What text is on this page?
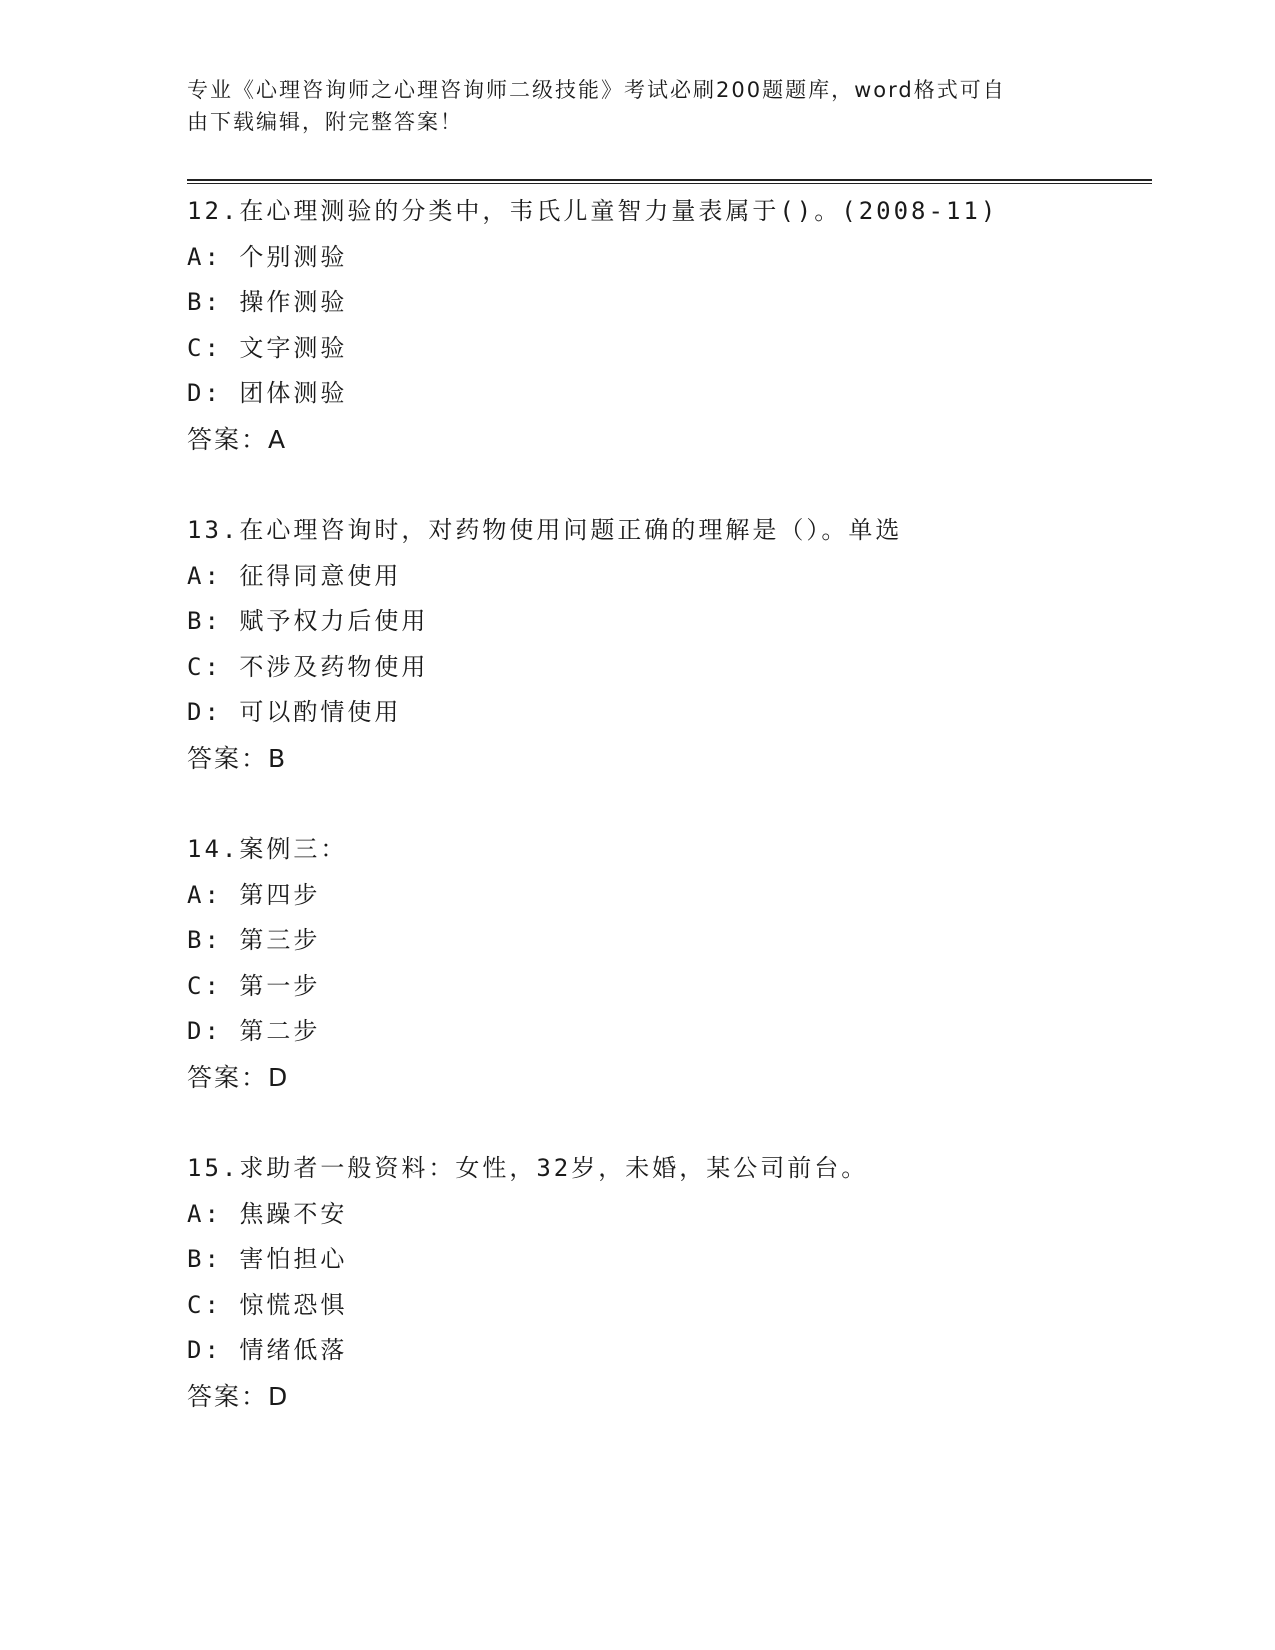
专业《心理咨询师之心理咨询师二级技能》考试必刷200题题库，word格式可自
由下载编辑，附完整答案！
12.在心理测验的分类中，韦氏儿童智力量表属于()。(2008-11)
A: 个别测验
B: 操作测验
C: 文字测验
D: 团体测验
答案：A
13.在心理咨询时，对药物使用问题正确的理解是（）。单选
A: 征得同意使用
B: 赋予权力后使用
C: 不涉及药物使用
D: 可以酌情使用
答案：B
14.案例三：
A: 第四步
B: 第三步
C: 第一步
D: 第二步
答案：D
15.求助者一般资料：女性，32岁，未婚，某公司前台。
A: 焦躁不安
B: 害怕担心
C: 惊慌恐惧
D: 情绪低落
答案：D
